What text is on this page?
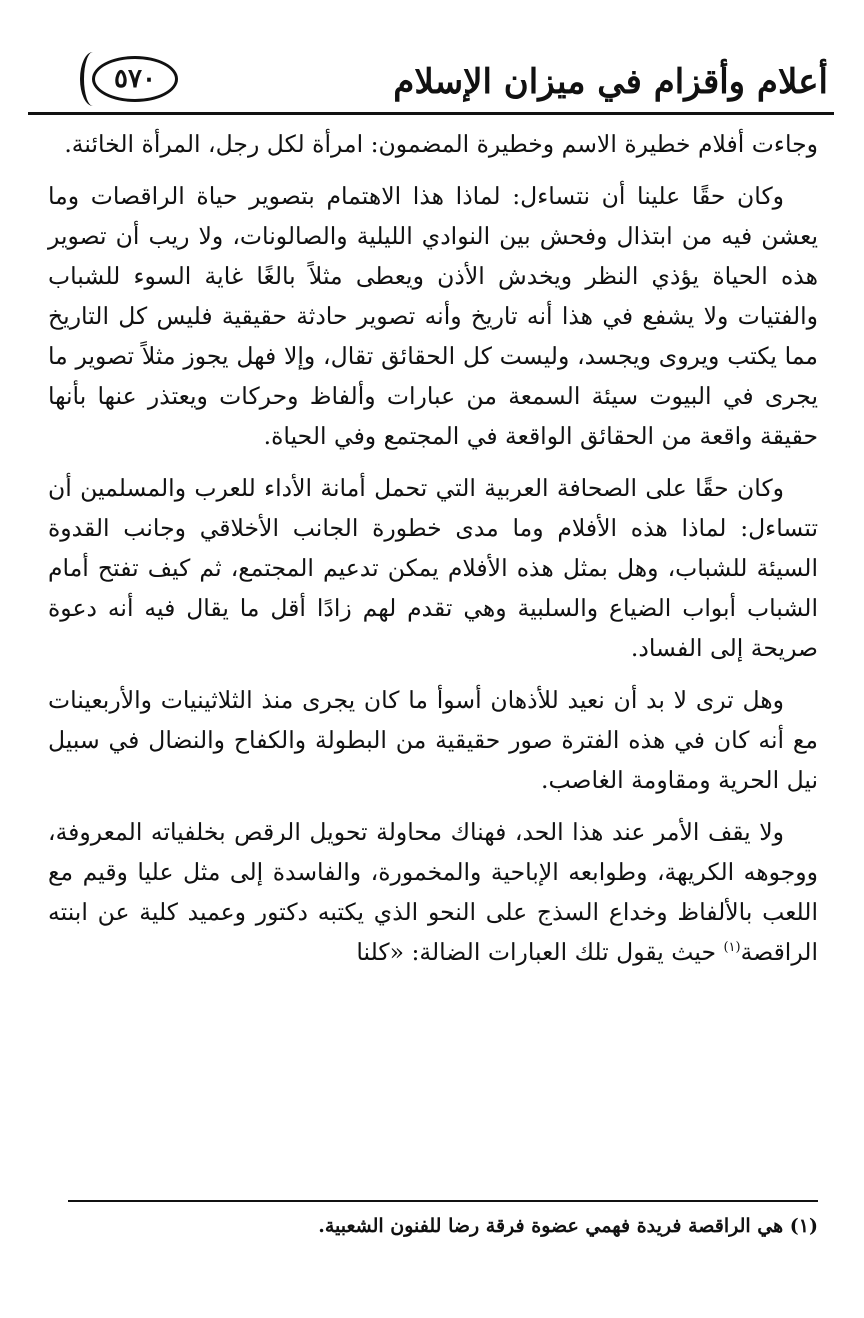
أعلام وأقزام في ميزان الإسلام
٥٧٠

وجاءت أفلام خطيرة الاسم وخطيرة المضمون: امرأة لكل رجل، المرأة الخائنة.

وكان حقًا علينا أن نتساءل: لماذا هذا الاهتمام بتصوير حياة الراقصات وما يعشن فيه من ابتذال وفحش بين النوادي الليلية والصالونات، ولا ريب أن تصوير هذه الحياة يؤذي النظر ويخدش الأذن ويعطى مثلاً بالغًا غاية السوء للشباب والفتيات ولا يشفع في هذا أنه تاريخ وأنه تصوير حادثة حقيقية فليس كل التاريخ مما يكتب ويروى ويجسد، وليست كل الحقائق تقال، وإلا فهل يجوز مثلاً تصوير ما يجرى في البيوت سيئة السمعة من عبارات وألفاظ وحركات ويعتذر عنها بأنها حقيقة واقعة من الحقائق الواقعة في المجتمع وفي الحياة.

وكان حقًا على الصحافة العربية التي تحمل أمانة الأداء للعرب والمسلمين أن تتساءل: لماذا هذه الأفلام وما مدى خطورة الجانب الأخلاقي وجانب القدوة السيئة للشباب، وهل بمثل هذه الأفلام يمكن تدعيم المجتمع، ثم كيف تفتح أمام الشباب أبواب الضياع والسلبية وهي تقدم لهم زادًا أقل ما يقال فيه أنه دعوة صريحة إلى الفساد.

وهل ترى لا بد أن نعيد للأذهان أسوأ ما كان يجرى منذ الثلاثينيات والأربعينات مع أنه كان في هذه الفترة صور حقيقية من البطولة والكفاح والنضال في سبيل نيل الحرية ومقاومة الغاصب.

ولا يقف الأمر عند هذا الحد، فهناك محاولة تحويل الرقص بخلفياته المعروفة، ووجوهه الكريهة، وطوابعه الإباحية والمخمورة، والفاسدة إلى مثل عليا وقيم مع اللعب بالألفاظ وخداع السذج على النحو الذي يكتبه دكتور وعميد كلية عن ابنته الراقصة$^{(١)}$ حيث يقول تلك العبارات الضالة: «كلنا

(١) هي الراقصة فريدة فهمي عضوة فرقة رضا للفنون الشعبية.
